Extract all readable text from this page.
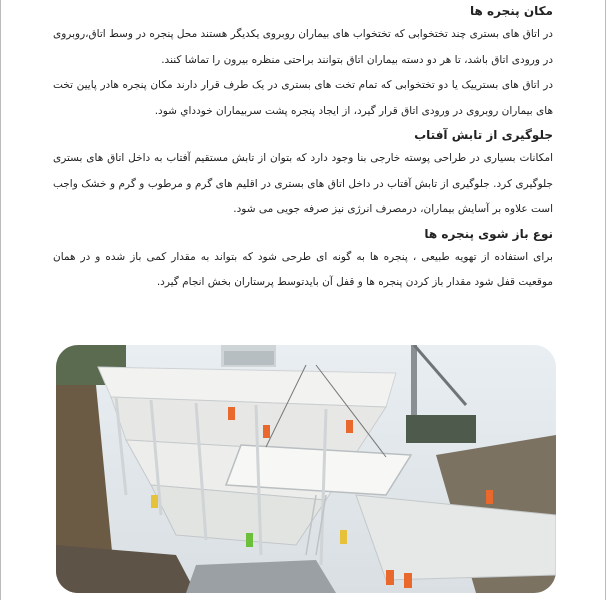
مکان پنجره ها

در اتاق های بستری چند تختخوابی که تختخواب های بیماران روبروی یکدیگر هستند محل پنجره در وسط اتاق،روبروی در ورودی اتاق باشد، تا هر دو دسته بیماران اتاق بتوانند براحتی منظره بیرون را تماشا کنند.

در اتاق های بسترییک یا دو تختخوابی که تمام تخت های بستری در یک طرف قرار دارند مکان پنجره هادر پایین تخت های بیماران روبروی در ورودی اتاق قرار گیرد، از ایجاد پنجره پشت سربیماران خودداي شود.

جلوگیری از تابش آفتاب

امکانات بسیاری در طراحی پوسته خارجی بنا وجود دارد که بتوان از تابش مستقیم آفتاب به داخل اتاق های بستری جلوگیری کرد. جلوگیری از تابش آفتاب در داخل اتاق های بستری در اقلیم های گرم و مرطوب و گرم و خشک واجب است علاوه بر آسایش بیماران، درمصرف انرژی نیز صرفه جویی می شود.

نوع باز شوی پنجره ها

برای استفاده از تهویه طبیعی ، پنجره ها به گونه ای طرحی شود که بتواند به مقدار کمی باز شده و در همان موقعیت قفل شود مقدار باز کردن پنجره ها و قفل آن بایدتوسط پرستاران بخش انجام گیرد.
